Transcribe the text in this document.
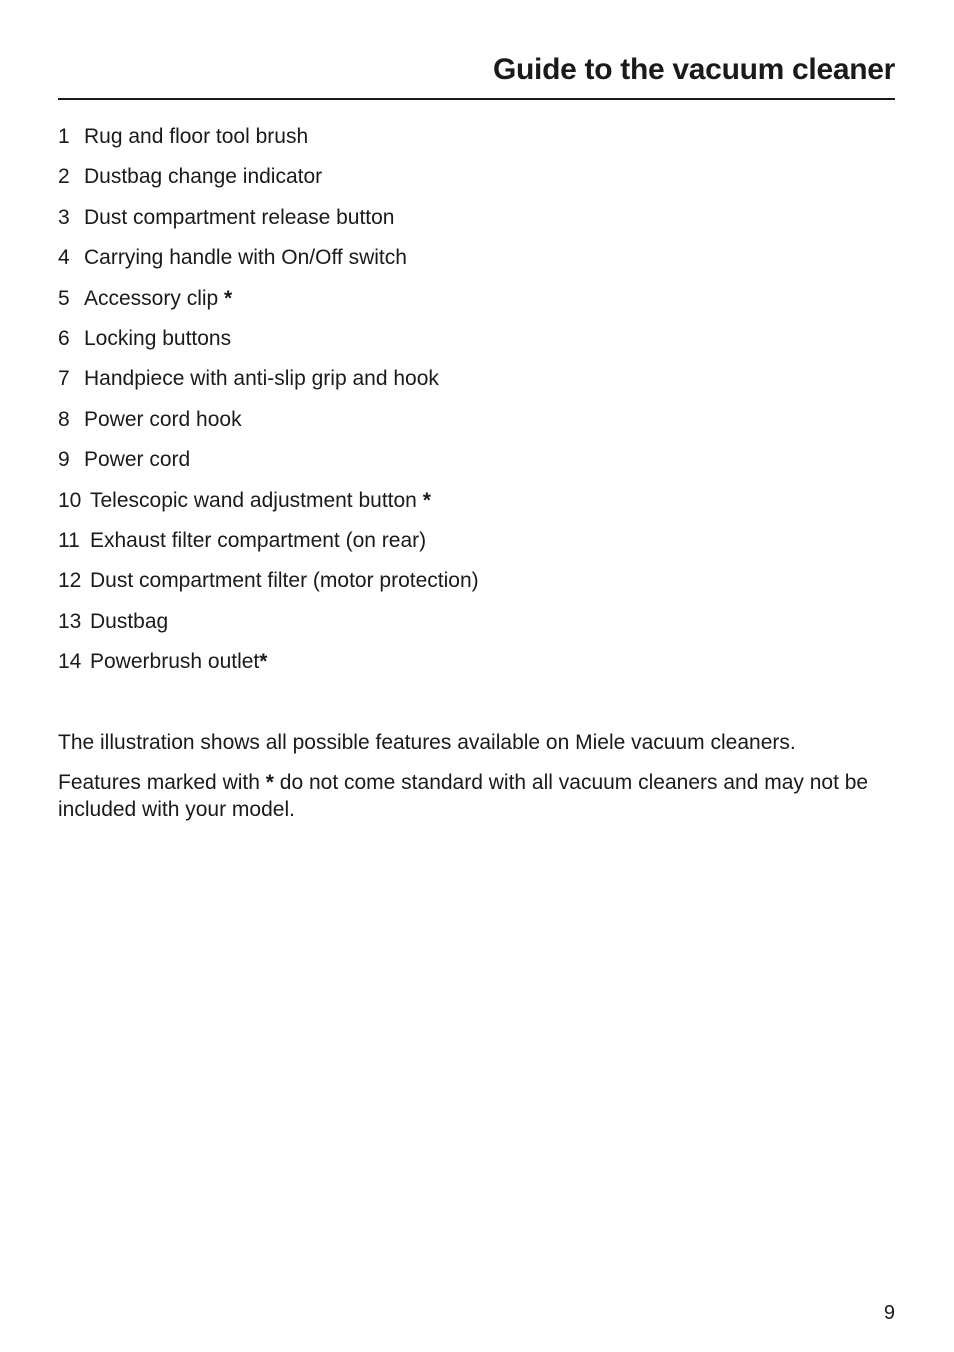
Guide to the vacuum cleaner
1 Rug and floor tool brush
2 Dustbag change indicator
3 Dust compartment release button
4 Carrying handle with On/Off switch
5 Accessory clip *
6 Locking buttons
7 Handpiece with anti-slip grip and hook
8 Power cord hook
9 Power cord
10 Telescopic wand adjustment button *
11 Exhaust filter compartment (on rear)
12 Dust compartment filter (motor protection)
13 Dustbag
14 Powerbrush outlet*

The illustration shows all possible features available on Miele vacuum cleaners.

Features marked with * do not come standard with all vacuum cleaners and may not be included with your model.

9
